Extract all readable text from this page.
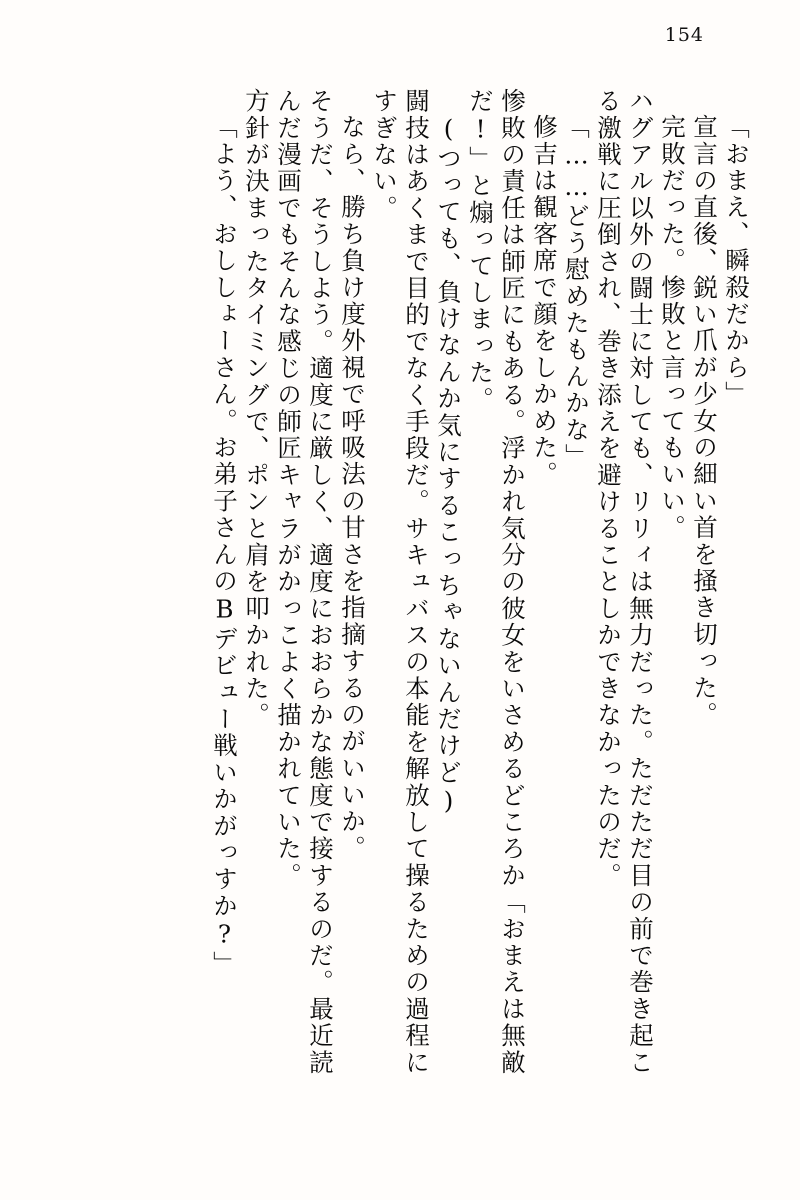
154
「おまえ、瞬殺だから」
宣言の直後、鋭い爪が少女の細い首を掻き切った。
完敗だった。惨敗と言ってもいい。
ハグアル以外の闘士に対しても、リリィは無力だった。ただただ目の前で巻き起こ
る激戦に圧倒され、巻き添えを避けることしかできなかったのだ。
「……どう慰めたもんかな」
修吉は観客席で顔をしかめた。
惨敗の責任は師匠にもある。浮かれ気分の彼女をいさめるどころか「おまえは無敵
だ!」と煽ってしまった。
(つっても、負けなんか気にするこっちゃないんだけど)
闘技はあくまで目的でなく手段だ。サキュバスの本能を解放して操るための過程に
すぎない。
なら、勝ち負け度外視で呼吸法の甘さを指摘するのがいいか。
そうだ、そうしよう。適度に厳しく、適度におおらかな態度で接するのだ。最近読
んだ漫画でもそんな感じの師匠キャラがかっこよく描かれていた。
方針が決まったタイミングで、ポンと肩を叩かれた。
「よう、おししょーさん。お弟子さんのBデビュー戦いかがっすか?」
